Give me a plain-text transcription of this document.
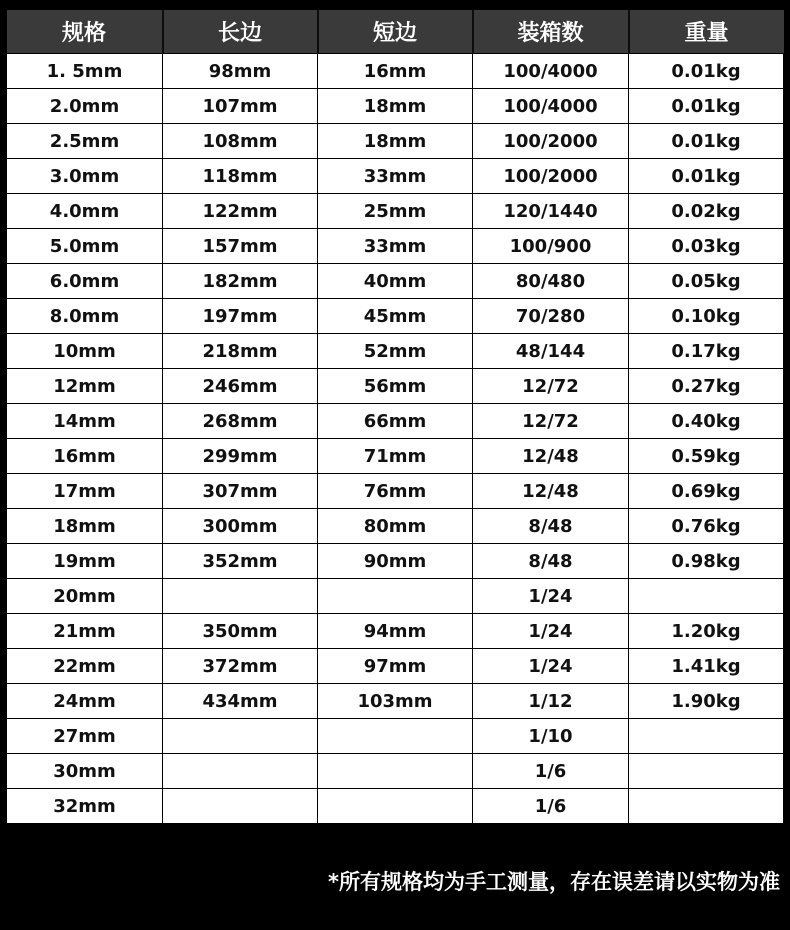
规格	长边	短边	装箱数	重量
1. 5mm	98mm	16mm	100/4000	0.01kg
2.0mm	107mm	18mm	100/4000	0.01kg
2.5mm	108mm	18mm	100/2000	0.01kg
3.0mm	118mm	33mm	100/2000	0.01kg
4.0mm	122mm	25mm	120/1440	0.02kg
5.0mm	157mm	33mm	100/900	0.03kg
6.0mm	182mm	40mm	80/480	0.05kg
8.0mm	197mm	45mm	70/280	0.10kg
10mm	218mm	52mm	48/144	0.17kg
12mm	246mm	56mm	12/72	0.27kg
14mm	268mm	66mm	12/72	0.40kg
16mm	299mm	71mm	12/48	0.59kg
17mm	307mm	76mm	12/48	0.69kg
18mm	300mm	80mm	8/48	0.76kg
19mm	352mm	90mm	8/48	0.98kg
20mm			1/24	
21mm	350mm	94mm	1/24	1.20kg
22mm	372mm	97mm	1/24	1.41kg
24mm	434mm	103mm	1/12	1.90kg
27mm			1/10	
30mm			1/6	
32mm			1/6	
*所有规格均为手工测量，存在误差请以实物为准
